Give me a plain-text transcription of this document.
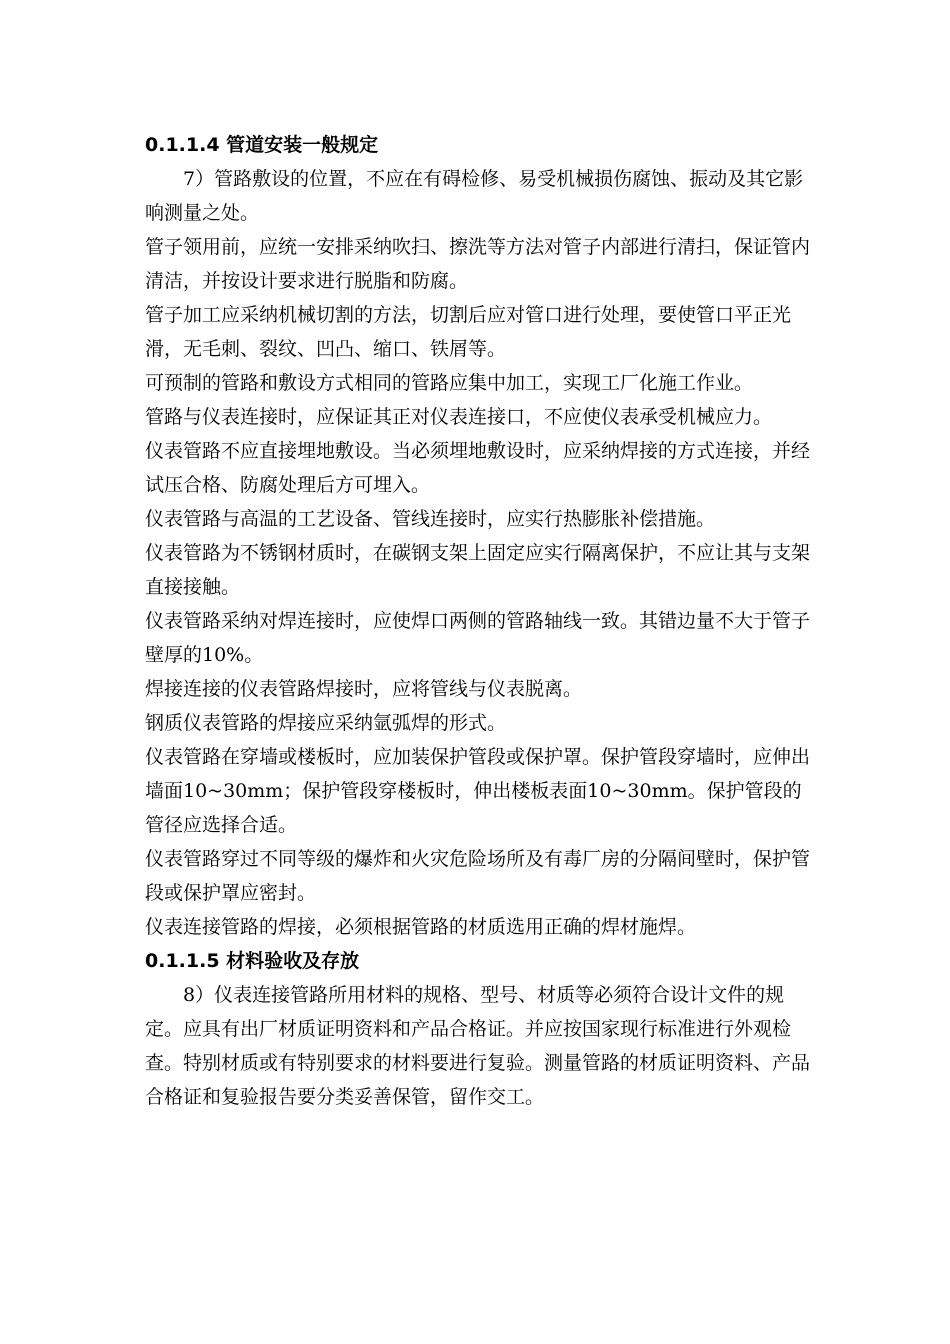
0.1.1.4 管道安装一般规定

7）管路敷设的位置，不应在有碍检修、易受机械损伤腐蚀、振动及其它影响测量之处。

管子领用前，应统一安排采纳吹扫、擦洗等方法对管子内部进行清扫，保证管内清洁，并按设计要求进行脱脂和防腐。

管子加工应采纳机械切割的方法，切割后应对管口进行处理，要使管口平正光滑，无毛刺、裂纹、凹凸、缩口、铁屑等。

可预制的管路和敷设方式相同的管路应集中加工，实现工厂化施工作业。

管路与仪表连接时，应保证其正对仪表连接口，不应使仪表承受机械应力。

仪表管路不应直接埋地敷设。当必须埋地敷设时，应采纳焊接的方式连接，并经试压合格、防腐处理后方可埋入。

仪表管路与高温的工艺设备、管线连接时，应实行热膨胀补偿措施。

仪表管路为不锈钢材质时，在碳钢支架上固定应实行隔离保护，不应让其与支架直接接触。

仪表管路采纳对焊连接时，应使焊口两侧的管路轴线一致。其错边量不大于管子壁厚的10%。

焊接连接的仪表管路焊接时，应将管线与仪表脱离。

钢质仪表管路的焊接应采纳氩弧焊的形式。

仪表管路在穿墙或楼板时，应加装保护管段或保护罩。保护管段穿墙时，应伸出墙面10~30mm；保护管段穿楼板时，伸出楼板表面10~30mm。保护管段的管径应选择合适。

仪表管路穿过不同等级的爆炸和火灾危险场所及有毒厂房的分隔间壁时，保护管段或保护罩应密封。

仪表连接管路的焊接，必须根据管路的材质选用正确的焊材施焊。

0.1.1.5 材料验收及存放

8）仪表连接管路所用材料的规格、型号、材质等必须符合设计文件的规定。应具有出厂材质证明资料和产品合格证。并应按国家现行标准进行外观检查。特别材质或有特别要求的材料要进行复验。测量管路的材质证明资料、产品合格证和复验报告要分类妥善保管，留作交工。
